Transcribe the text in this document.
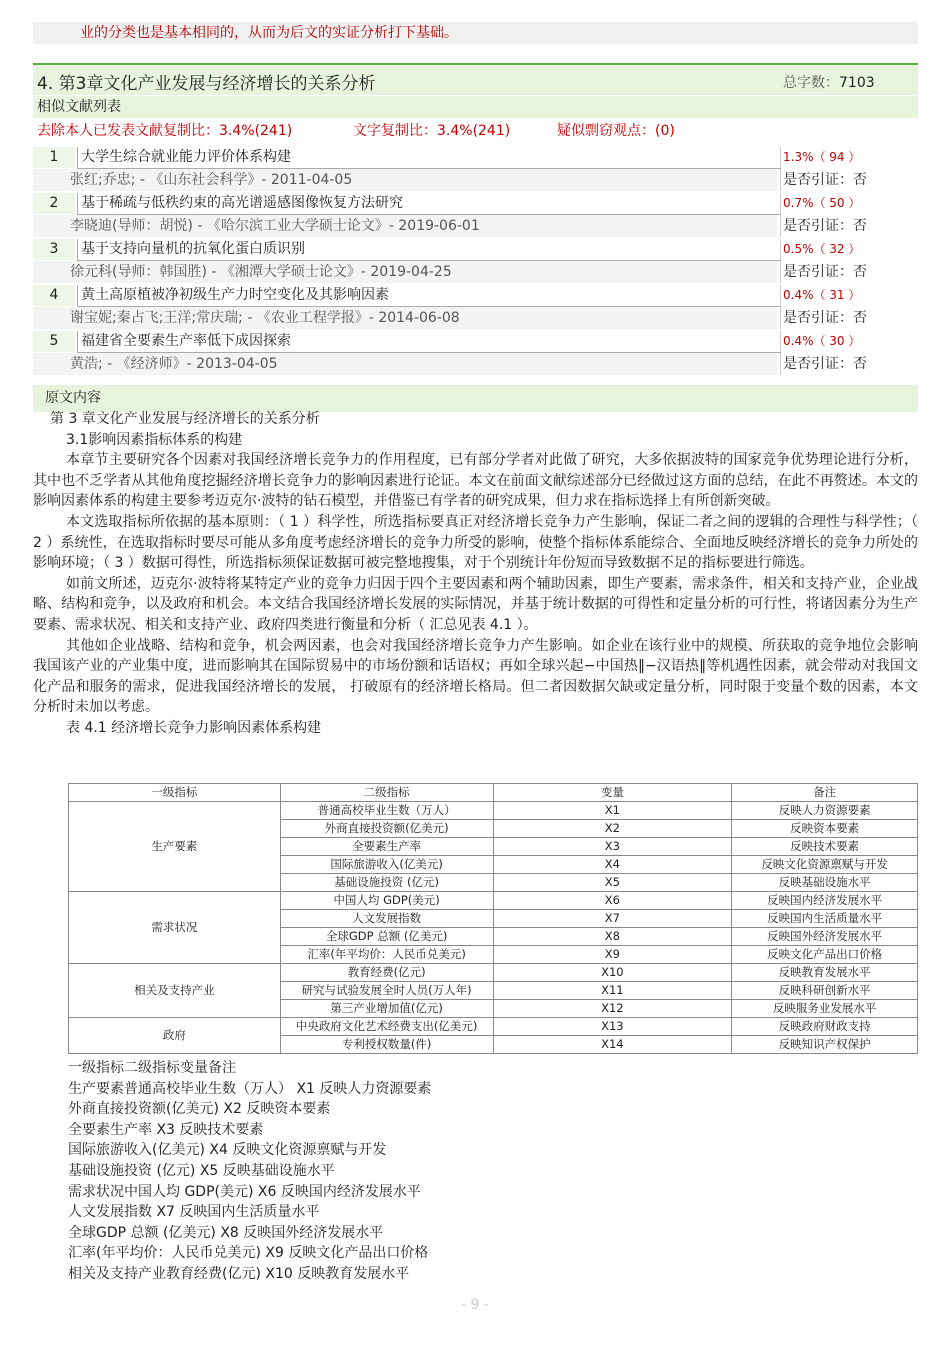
业的分类也是基本相同的，从而为后文的实证分析打下基础。
4. 第3章文化产业发展与经济增长的关系分析	总字数：7103
相似文献列表
去除本人已发表文献复制比：3.4%(241)	文字复制比：3.4%(241)	疑似剽窃观点：(0)
1	大学生综合就业能力评价体系构建	1.3%（ 94 ）
张红;乔忠; - 《山东社会科学》- 2011-04-05	是否引证：否
2	基于稀疏与低秩约束的高光谱遥感图像恢复方法研究	0.7%（ 50 ）
李晓迪(导师：胡悦) - 《哈尔滨工业大学硕士论文》- 2019-06-01	是否引证：否
3	基于支持向量机的抗氧化蛋白质识别	0.5%（ 32 ）
徐元科(导师：韩国胜) - 《湘潭大学硕士论文》- 2019-04-25	是否引证：否
4	黄土高原植被净初级生产力时空变化及其影响因素	0.4%（ 31 ）
谢宝妮;秦占飞;王洋;常庆瑞; - 《农业工程学报》- 2014-06-08	是否引证：否
5	福建省全要素生产率低下成因探索	0.4%（ 30 ）
黄浩; - 《经济师》- 2013-04-05	是否引证：否
原文内容

第 3 章文化产业发展与经济增长的关系分析

3.1影响因素指标体系的构建

本章节主要研究各个因素对我国经济增长竞争力的作用程度，已有部分学者对此做了研究，大多依据波特的国家竞争优势理论进行分析，其中也不乏学者从其他角度挖掘经济增长竞争力的影响因素进行论证。本文在前面文献综述部分已经做过这方面的总结，在此不再赘述。本文的影响因素体系的构建主要参考迈克尔·波特的钻石模型，并借鉴已有学者的研究成果，但力求在指标选择上有所创新突破。

本文选取指标所依据的基本原则：（ 1 ）科学性，所选指标要真正对经济增长竞争力产生影响，保证二者之间的逻辑的合理性与科学性；（ 2 ）系统性，在选取指标时要尽可能从多角度考虑经济增长的竞争力所受的影响，使整个指标体系能综合、全面地反映经济增长的竞争力所处的影响环境；（ 3 ）数据可得性，所选指标须保证数据可被完整地搜集，对于个别统计年份短而导致数据不足的指标要进行筛选。

如前文所述，迈克尔·波特将某特定产业的竞争力归因于四个主要因素和两个辅助因素，即生产要素，需求条件，相关和支持产业，企业战略、结构和竞争，以及政府和机会。本文结合我国经济增长发展的实际情况，并基于统计数据的可得性和定量分析的可行性，将诸因素分为生产要素、需求状况、相关和支持产业、政府四类进行衡量和分析（ 汇总见表 4.1 ）。

其他如企业战略、结构和竞争，机会两因素，也会对我国经济增长竞争力产生影响。如企业在该行业中的规模、所获取的竞争地位会影响我国该产业的产业集中度，进而影响其在国际贸易中的市场份额和话语权；再如全球兴起−中国热‖−汉语热‖等机遇性因素，就会带动对我国文化产品和服务的需求，促进我国经济增长的发展， 打破原有的经济增长格局。但二者因数据欠缺或定量分析，同时限于变量个数的因素，本文分析时未加以考虑。

表 4.1 经济增长竞争力影响因素体系构建

一级指标	二级指标	变量	备注
生产要素	普通高校毕业生数（万人）	X1	反映人力资源要素
	外商直接投资额(亿美元)	X2	反映资本要素
	全要素生产率	X3	反映技术要素
	国际旅游收入(亿美元)	X4	反映文化资源禀赋与开发
	基础设施投资 (亿元)	X5	反映基础设施水平
需求状况	中国人均 GDP(美元)	X6	反映国内经济发展水平
	人文发展指数	X7	反映国内生活质量水平
	全球GDP 总额 (亿美元)	X8	反映国外经济发展水平
	汇率(年平均价：人民币兑美元)	X9	反映文化产品出口价格
相关及支持产业	教育经费(亿元)	X10	反映教育发展水平
	研究与试验发展全时人员(万人年)	X11	反映科研创新水平
	第三产业增加值(亿元)	X12	反映服务业发展水平
政府	中央政府文化艺术经费支出(亿美元)	X13	反映政府财政支持
	专利授权数量(件)	X14	反映知识产权保护

一级指标二级指标变量备注

生产要素普通高校毕业生数（万人） X1 反映人力资源要素

外商直接投资额(亿美元) X2 反映资本要素

全要素生产率 X3 反映技术要素

国际旅游收入(亿美元) X4 反映文化资源禀赋与开发

基础设施投资 (亿元) X5 反映基础设施水平

需求状况中国人均 GDP(美元) X6 反映国内经济发展水平

人文发展指数 X7 反映国内生活质量水平

全球GDP 总额 (亿美元) X8 反映国外经济发展水平

汇率(年平均价：人民币兑美元) X9 反映文化产品出口价格

相关及支持产业教育经费(亿元) X10 反映教育发展水平

- 9 -
